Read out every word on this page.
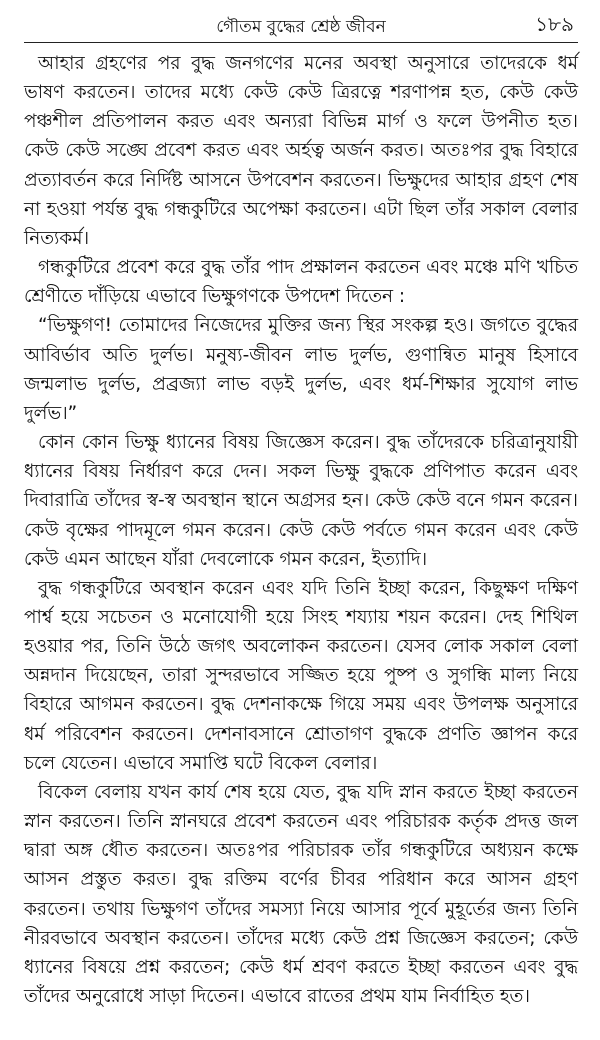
গৌতম বুদ্ধের শ্রেষ্ঠ জীবন	১৮৯

আহার গ্রহণের পর বুদ্ধ জনগণের মনের অবস্থা অনুসারে তাদেরকে ধর্ম ভাষণ করতেন। তাদের মধ্যে কেউ কেউ ত্রিরত্নে শরণাপন্ন হত, কেউ কেউ পঞ্চশীল প্রতিপালন করত এবং অন্যরা বিভিন্ন মার্গ ও ফলে উপনীত হত। কেউ কেউ সঙ্ঘে প্রবেশ করত এবং অর্হত্ব অর্জন করত। অতঃপর বুদ্ধ বিহারে প্রত্যাবর্তন করে নির্দিষ্ট আসনে উপবেশন করতেন। ভিক্ষুদের আহার গ্রহণ শেষ না হওয়া পর্যন্ত বুদ্ধ গন্ধকুটিরে অপেক্ষা করতেন। এটা ছিল তাঁর সকাল বেলার নিত্যকর্ম।

গন্ধকুটিরে প্রবেশ করে বুদ্ধ তাঁর পাদ প্রক্ষালন করতেন এবং মঞ্চে মণি খচিত শ্রেণীতে দাঁড়িয়ে এভাবে ভিক্ষুগণকে উপদেশ দিতেন :

“ভিক্ষুগণ! তোমাদের নিজেদের মুক্তির জন্য স্থির সংকল্প হও। জগতে বুদ্ধের আবির্ভাব অতি দুর্লভ। মনুষ্য-জীবন লাভ দুর্লভ, গুণান্বিত মানুষ হিসাবে জন্মলাভ দুর্লভ, প্রব্রজ্যা লাভ বড়ই দুর্লভ, এবং ধর্ম-শিক্ষার সুযোগ লাভ দুর্লভ।”

কোন কোন ভিক্ষু ধ্যানের বিষয় জিজ্ঞেস করেন। বুদ্ধ তাঁদেরকে চরিত্রানুযায়ী ধ্যানের বিষয় নির্ধারণ করে দেন। সকল ভিক্ষু বুদ্ধকে প্রণিপাত করেন এবং দিবারাত্রি তাঁদের স্ব-স্ব অবস্থান স্থানে অগ্রসর হন। কেউ কেউ বনে গমন করেন। কেউ বৃক্ষের পাদমূলে গমন করেন। কেউ কেউ পর্বতে গমন করেন এবং কেউ কেউ এমন আছেন যাঁরা দেবলোকে গমন করেন, ইত্যাদি।

বুদ্ধ গন্ধকুটিরে অবস্থান করেন এবং যদি তিনি ইচ্ছা করেন, কিছুক্ষণ দক্ষিণ পার্শ্ব হয়ে সচেতন ও মনোযোগী হয়ে সিংহ শয্যায় শয়ন করেন। দেহ শিথিল হওয়ার পর, তিনি উঠে জগৎ অবলোকন করতেন। যেসব লোক সকাল বেলা অন্নদান দিয়েছেন, তারা সুন্দরভাবে সজ্জিত হয়ে পুষ্প ও সুগন্ধি মাল্য নিয়ে বিহারে আগমন করতেন। বুদ্ধ দেশনাকক্ষে গিয়ে সময় এবং উপলক্ষ অনুসারে ধর্ম পরিবেশন করতেন। দেশনাবসানে শ্রোতাগণ বুদ্ধকে প্রণতি জ্ঞাপন করে চলে যেতেন। এভাবে সমাপ্তি ঘটে বিকেল বেলার।

বিকেল বেলায় যখন কার্য শেষ হয়ে যেত, বুদ্ধ যদি স্নান করতে ইচ্ছা করতেন স্নান করতেন। তিনি স্নানঘরে প্রবেশ করতেন এবং পরিচারক কর্তৃক প্রদত্ত জল দ্বারা অঙ্গ ধৌত করতেন। অতঃপর পরিচারক তাঁর গন্ধকুটিরে অধ্যয়ন কক্ষে আসন প্রস্তুত করত। বুদ্ধ রক্তিম বর্ণের চীবর পরিধান করে আসন গ্রহণ করতেন। তথায় ভিক্ষুগণ তাঁদের সমস্যা নিয়ে আসার পূর্বে মুহূর্তের জন্য তিনি নীরবভাবে অবস্থান করতেন। তাঁদের মধ্যে কেউ প্রশ্ন জিজ্ঞেস করতেন; কেউ ধ্যানের বিষয়ে প্রশ্ন করতেন; কেউ ধর্ম শ্রবণ করতে ইচ্ছা করতেন এবং বুদ্ধ তাঁদের অনুরোধে সাড়া দিতেন। এভাবে রাতের প্রথম যাম নির্বাহিত হত।
